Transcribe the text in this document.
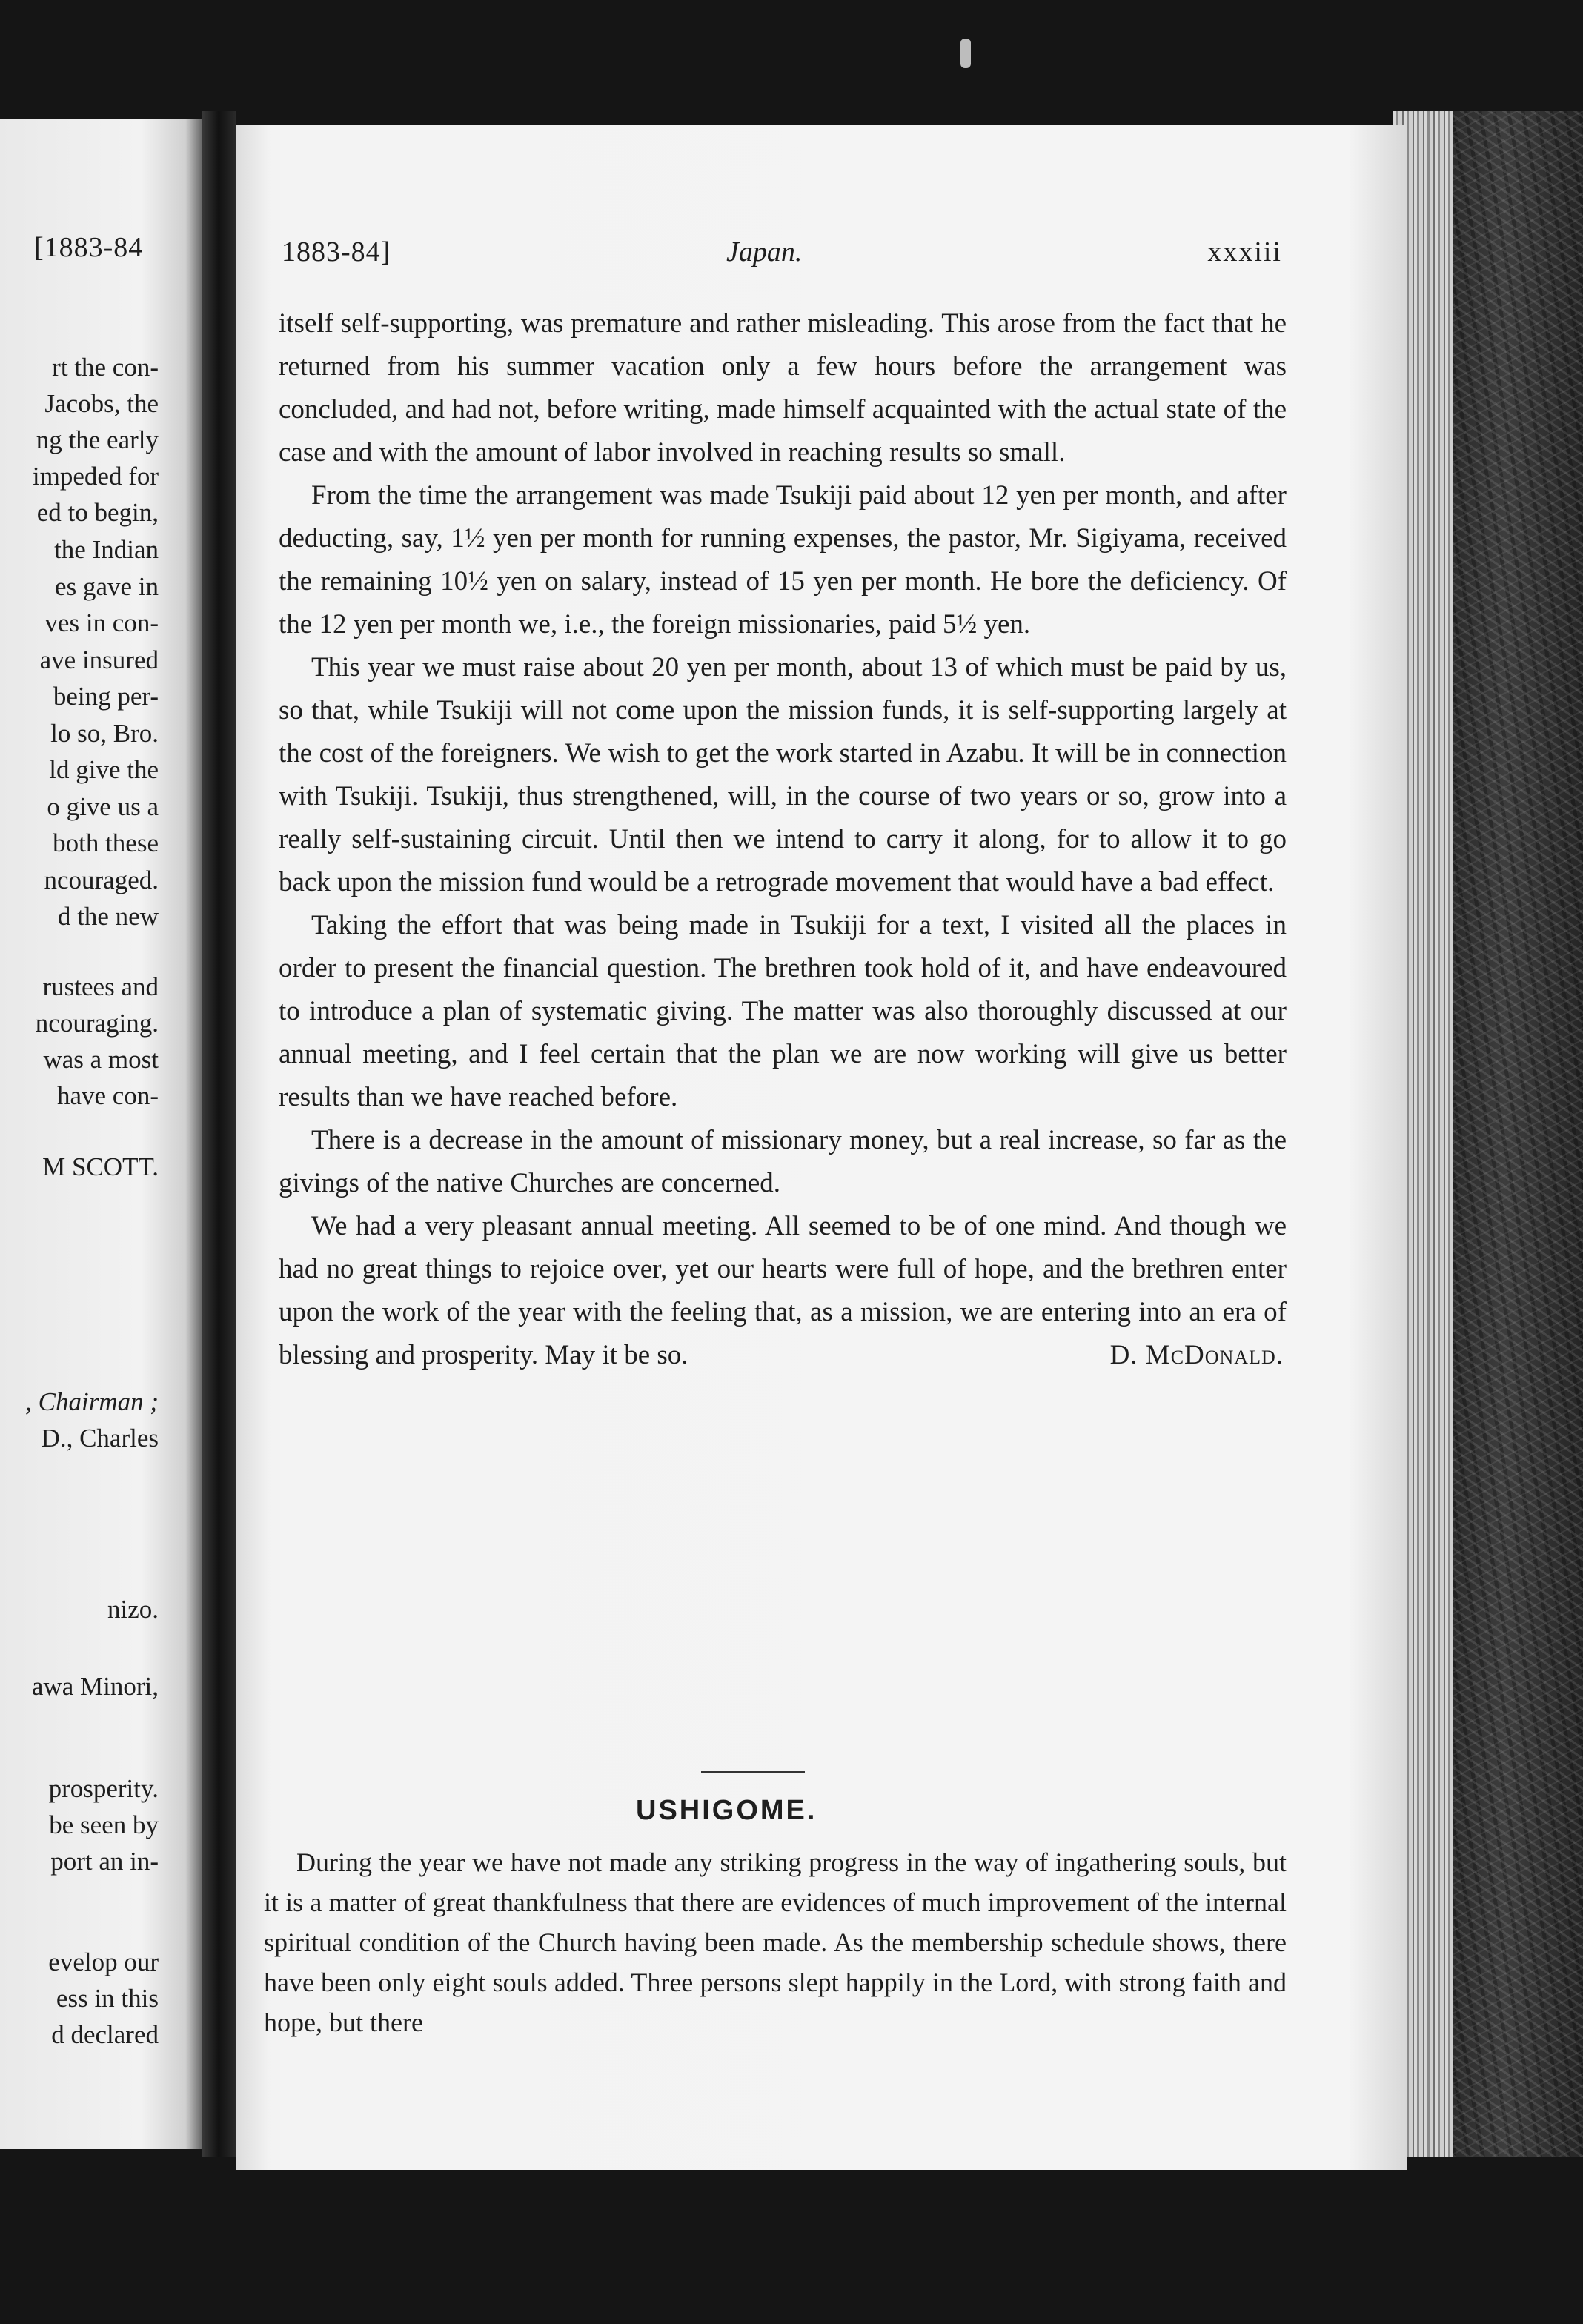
[1883-84
rt the con-
Jacobs, the
ng the early
impeded for
ed to begin,
the Indian
es gave in
ves in con-
ave insured
being per-
lo so, Bro.
ld give the
o give us a
both these
ncouraged.
d the new
rustees and
ncouraging.
was a most
have con-
M SCOTT.
, Chairman ;
D., Charles
nizo.
awa Minori,
prosperity.
be seen by
port an in-
evelop our
ess in this
d declared
1883-84]	Japan.	xxxiii

itself self-supporting, was premature and rather misleading. This arose from the fact that he returned from his summer vacation only a few hours before the arrangement was concluded, and had not, before writing, made himself acquainted with the actual state of the case and with the amount of labor involved in reaching results so small.

From the time the arrangement was made Tsukiji paid about 12 yen per month, and after deducting, say, 1½ yen per month for running expenses, the pastor, Mr. Sigiyama, received the remaining 10½ yen on salary, instead of 15 yen per month. He bore the deficiency. Of the 12 yen per month we, i.e., the foreign missionaries, paid 5½ yen.

This year we must raise about 20 yen per month, about 13 of which must be paid by us, so that, while Tsukiji will not come upon the mission funds, it is self-supporting largely at the cost of the foreigners. We wish to get the work started in Azabu. It will be in connection with Tsukiji. Tsukiji, thus strengthened, will, in the course of two years or so, grow into a really self-sustaining circuit. Until then we intend to carry it along, for to allow it to go back upon the mission fund would be a retrograde movement that would have a bad effect.

Taking the effort that was being made in Tsukiji for a text, I visited all the places in order to present the financial question. The brethren took hold of it, and have endeavoured to introduce a plan of systematic giving. The matter was also thoroughly discussed at our annual meeting, and I feel certain that the plan we are now working will give us better results than we have reached before.

There is a decrease in the amount of missionary money, but a real increase, so far as the givings of the native Churches are concerned.

We had a very pleasant annual meeting. All seemed to be of one mind. And though we had no great things to rejoice over, yet our hearts were full of hope, and the brethren enter upon the work of the year with the feeling that, as a mission, we are entering into an era of blessing and prosperity. May it be so.	D. McDonald.
USHIGOME.

During the year we have not made any striking progress in the way of ingathering souls, but it is a matter of great thankfulness that there are evidences of much improvement of the internal spiritual condition of the Church having been made. As the membership schedule shows, there have been only eight souls added. Three persons slept happily in the Lord, with strong faith and hope, but there
